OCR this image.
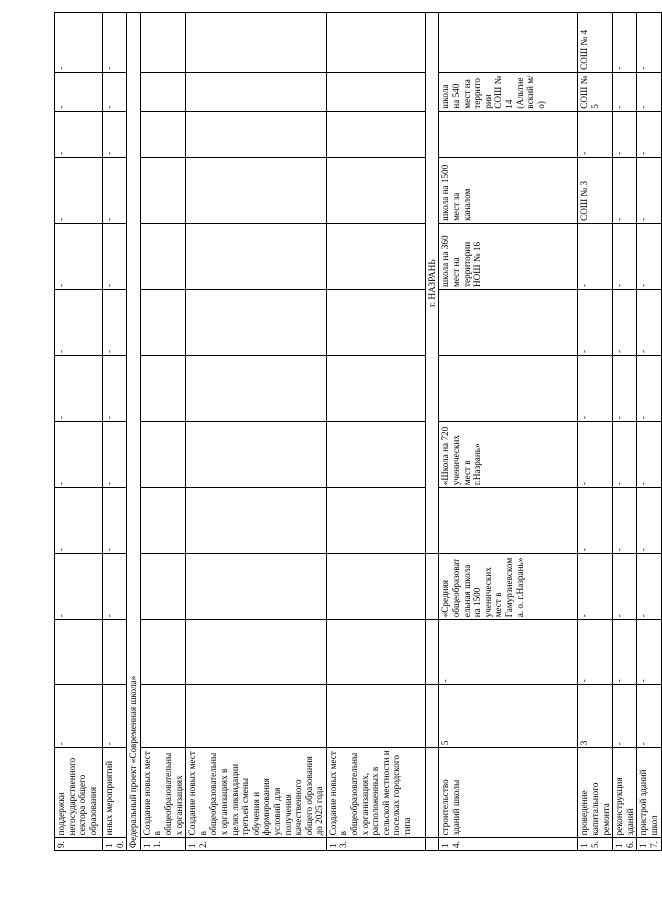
9.	поддержки негосударственного сектора общего образования	-		-	-	-	-	-	-	-	-	-	-
10.	иных мероприятий	-		-	-	-	-	-	-	-	-	-	-
Федеральный проект «Современная школа»													
11.	Создание новых мест в общеобразовательных организациях												
12.	Создание новых мест в общеобразовательных организациях в целях ликвидации третьей смены обучения и формирования условий для получения качественного общего образования до 2025 года												
13.	Создание новых мест в общеобразовательных организациях, расположенных в сельской местности и поселках городского типа												
					г. НАЗРАНЬ								
14.	строительство зданий школы	5	-	«Средняя общеобразовательная школа на 1500 ученических мест в Гамурзиевском а. о. г.Назрань»		«Школа на 720 ученических мест в г.Назрань»			школа на 360 мест на территории НОШ № 16	школа на 1500 мест за каналом		школа на 540 мест на территории СОШ № 14 (Альтиевский м/о)	
15.	проведение капитального ремонта	3	-	-	-	-	-	-	-	СОШ № 3	-	СОШ № 5	СОШ № 4
16.	реконструкция зданий	-	-	-	-	-	-	-	-	-	-	-	-
17.	пристрой зданий школ	-	-	-	-	-	-	-	-	-	-	-	-
